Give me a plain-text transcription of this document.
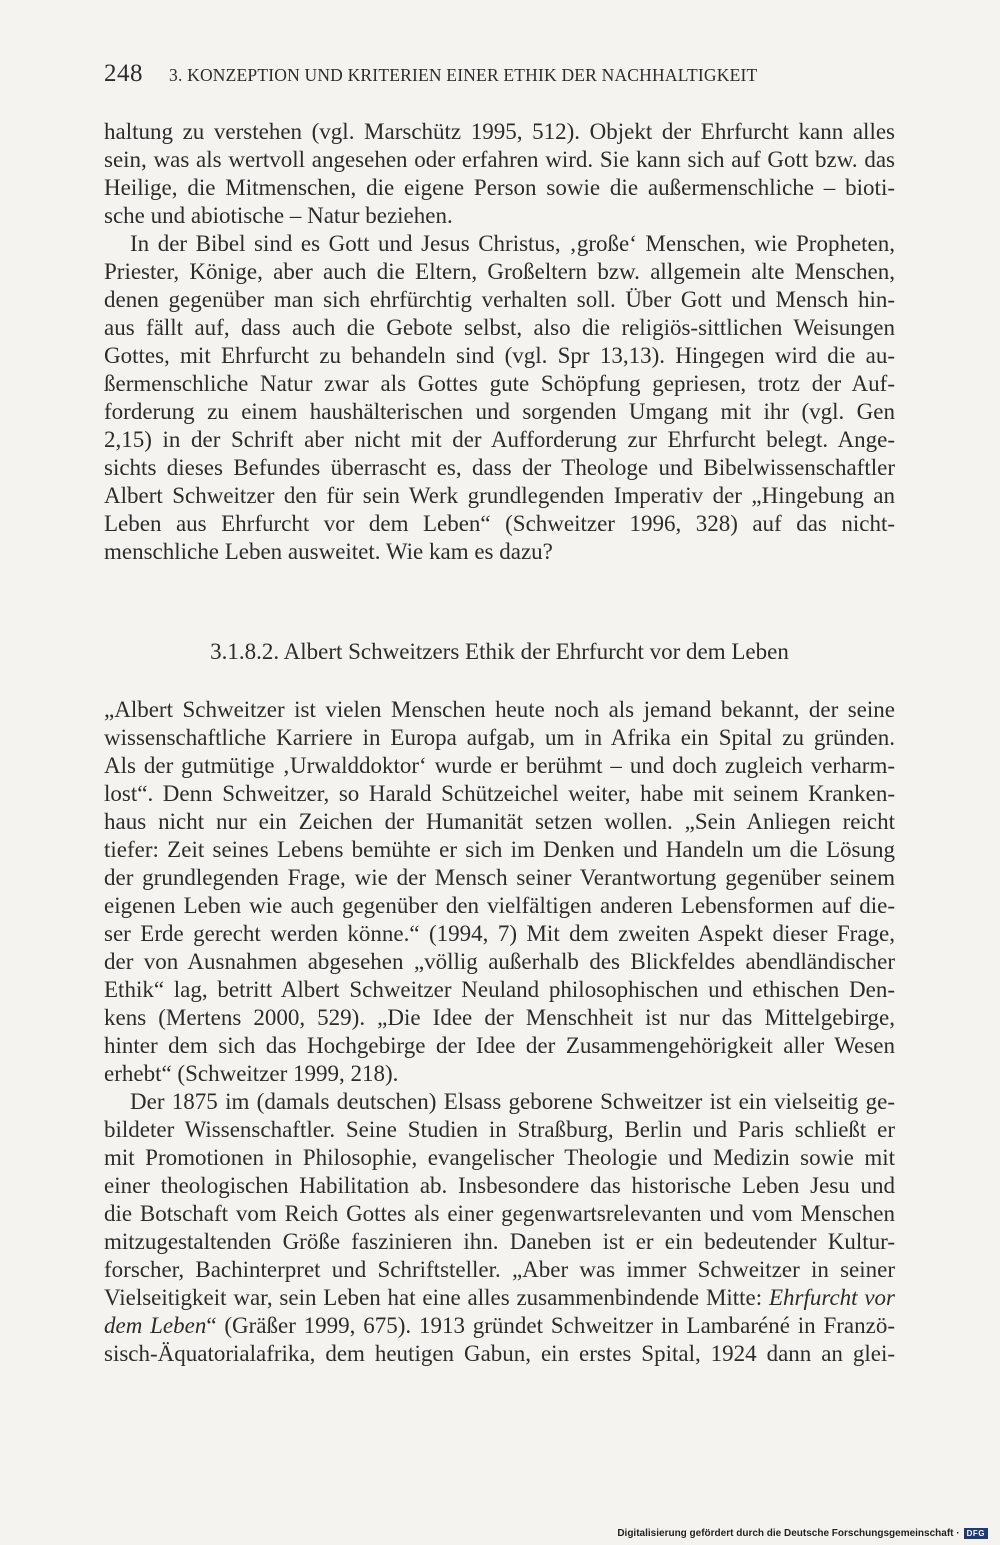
248 3. KONZEPTION UND KRITERIEN EINER ETHIK DER NACHHALTIGKEIT
haltung zu verstehen (vgl. Marschütz 1995, 512). Objekt der Ehrfurcht kann alles
sein, was als wertvoll angesehen oder erfahren wird. Sie kann sich auf Gott bzw. das
Heilige, die Mitmenschen, die eigene Person sowie die außermenschliche – bioti-
sche und abiotische – Natur beziehen.
In der Bibel sind es Gott und Jesus Christus, ‚große‘ Menschen, wie Propheten,
Priester, Könige, aber auch die Eltern, Großeltern bzw. allgemein alte Menschen,
denen gegenüber man sich ehrfürchtig verhalten soll. Über Gott und Mensch hin-
aus fällt auf, dass auch die Gebote selbst, also die religiös-sittlichen Weisungen
Gottes, mit Ehrfurcht zu behandeln sind (vgl. Spr 13,13). Hingegen wird die au-
ßermenschliche Natur zwar als Gottes gute Schöpfung gepriesen, trotz der Auf-
forderung zu einem haushälterischen und sorgenden Umgang mit ihr (vgl. Gen
2,15) in der Schrift aber nicht mit der Aufforderung zur Ehrfurcht belegt. Ange-
sichts dieses Befundes überrascht es, dass der Theologe und Bibelwissenschaftler
Albert Schweitzer den für sein Werk grundlegenden Imperativ der „Hingebung an
Leben aus Ehrfurcht vor dem Leben“ (Schweitzer 1996, 328) auf das nicht-
menschliche Leben ausweitet. Wie kam es dazu?
3.1.8.2. Albert Schweitzers Ethik der Ehrfurcht vor dem Leben
„Albert Schweitzer ist vielen Menschen heute noch als jemand bekannt, der seine
wissenschaftliche Karriere in Europa aufgab, um in Afrika ein Spital zu gründen.
Als der gutmütige ‚Urwalddoktor‘ wurde er berühmt – und doch zugleich verharm-
lost“. Denn Schweitzer, so Harald Schützeichel weiter, habe mit seinem Kranken-
haus nicht nur ein Zeichen der Humanität setzen wollen. „Sein Anliegen reicht
tiefer: Zeit seines Lebens bemühte er sich im Denken und Handeln um die Lösung
der grundlegenden Frage, wie der Mensch seiner Verantwortung gegenüber seinem
eigenen Leben wie auch gegenüber den vielfältigen anderen Lebensformen auf die-
ser Erde gerecht werden könne.“ (1994, 7) Mit dem zweiten Aspekt dieser Frage,
der von Ausnahmen abgesehen „völlig außerhalb des Blickfeldes abendländischer
Ethik“ lag, betritt Albert Schweitzer Neuland philosophischen und ethischen Den-
kens (Mertens 2000, 529). „Die Idee der Menschheit ist nur das Mittelgebirge,
hinter dem sich das Hochgebirge der Idee der Zusammengehörigkeit aller Wesen
erhebt“ (Schweitzer 1999, 218).
Der 1875 im (damals deutschen) Elsass geborene Schweitzer ist ein vielseitig ge-
bildeter Wissenschaftler. Seine Studien in Straßburg, Berlin und Paris schließt er
mit Promotionen in Philosophie, evangelischer Theologie und Medizin sowie mit
einer theologischen Habilitation ab. Insbesondere das historische Leben Jesu und
die Botschaft vom Reich Gottes als einer gegenwartsrelevanten und vom Menschen
mitzugestaltenden Größe faszinieren ihn. Daneben ist er ein bedeutender Kultur-
forscher, Bachinterpret und Schriftsteller. „Aber was immer Schweitzer in seiner
Vielseitigkeit war, sein Leben hat eine alles zusammenbindende Mitte: Ehrfurcht vor
dem Leben“ (Gräßer 1999, 675). 1913 gründet Schweitzer in Lambaréné in Franzö-
sisch-Äquatorialafrika, dem heutigen Gabun, ein erstes Spital, 1924 dann an glei-
Digitalisierung gefördert durch die Deutsche Forschungsgemeinschaft · DFG
